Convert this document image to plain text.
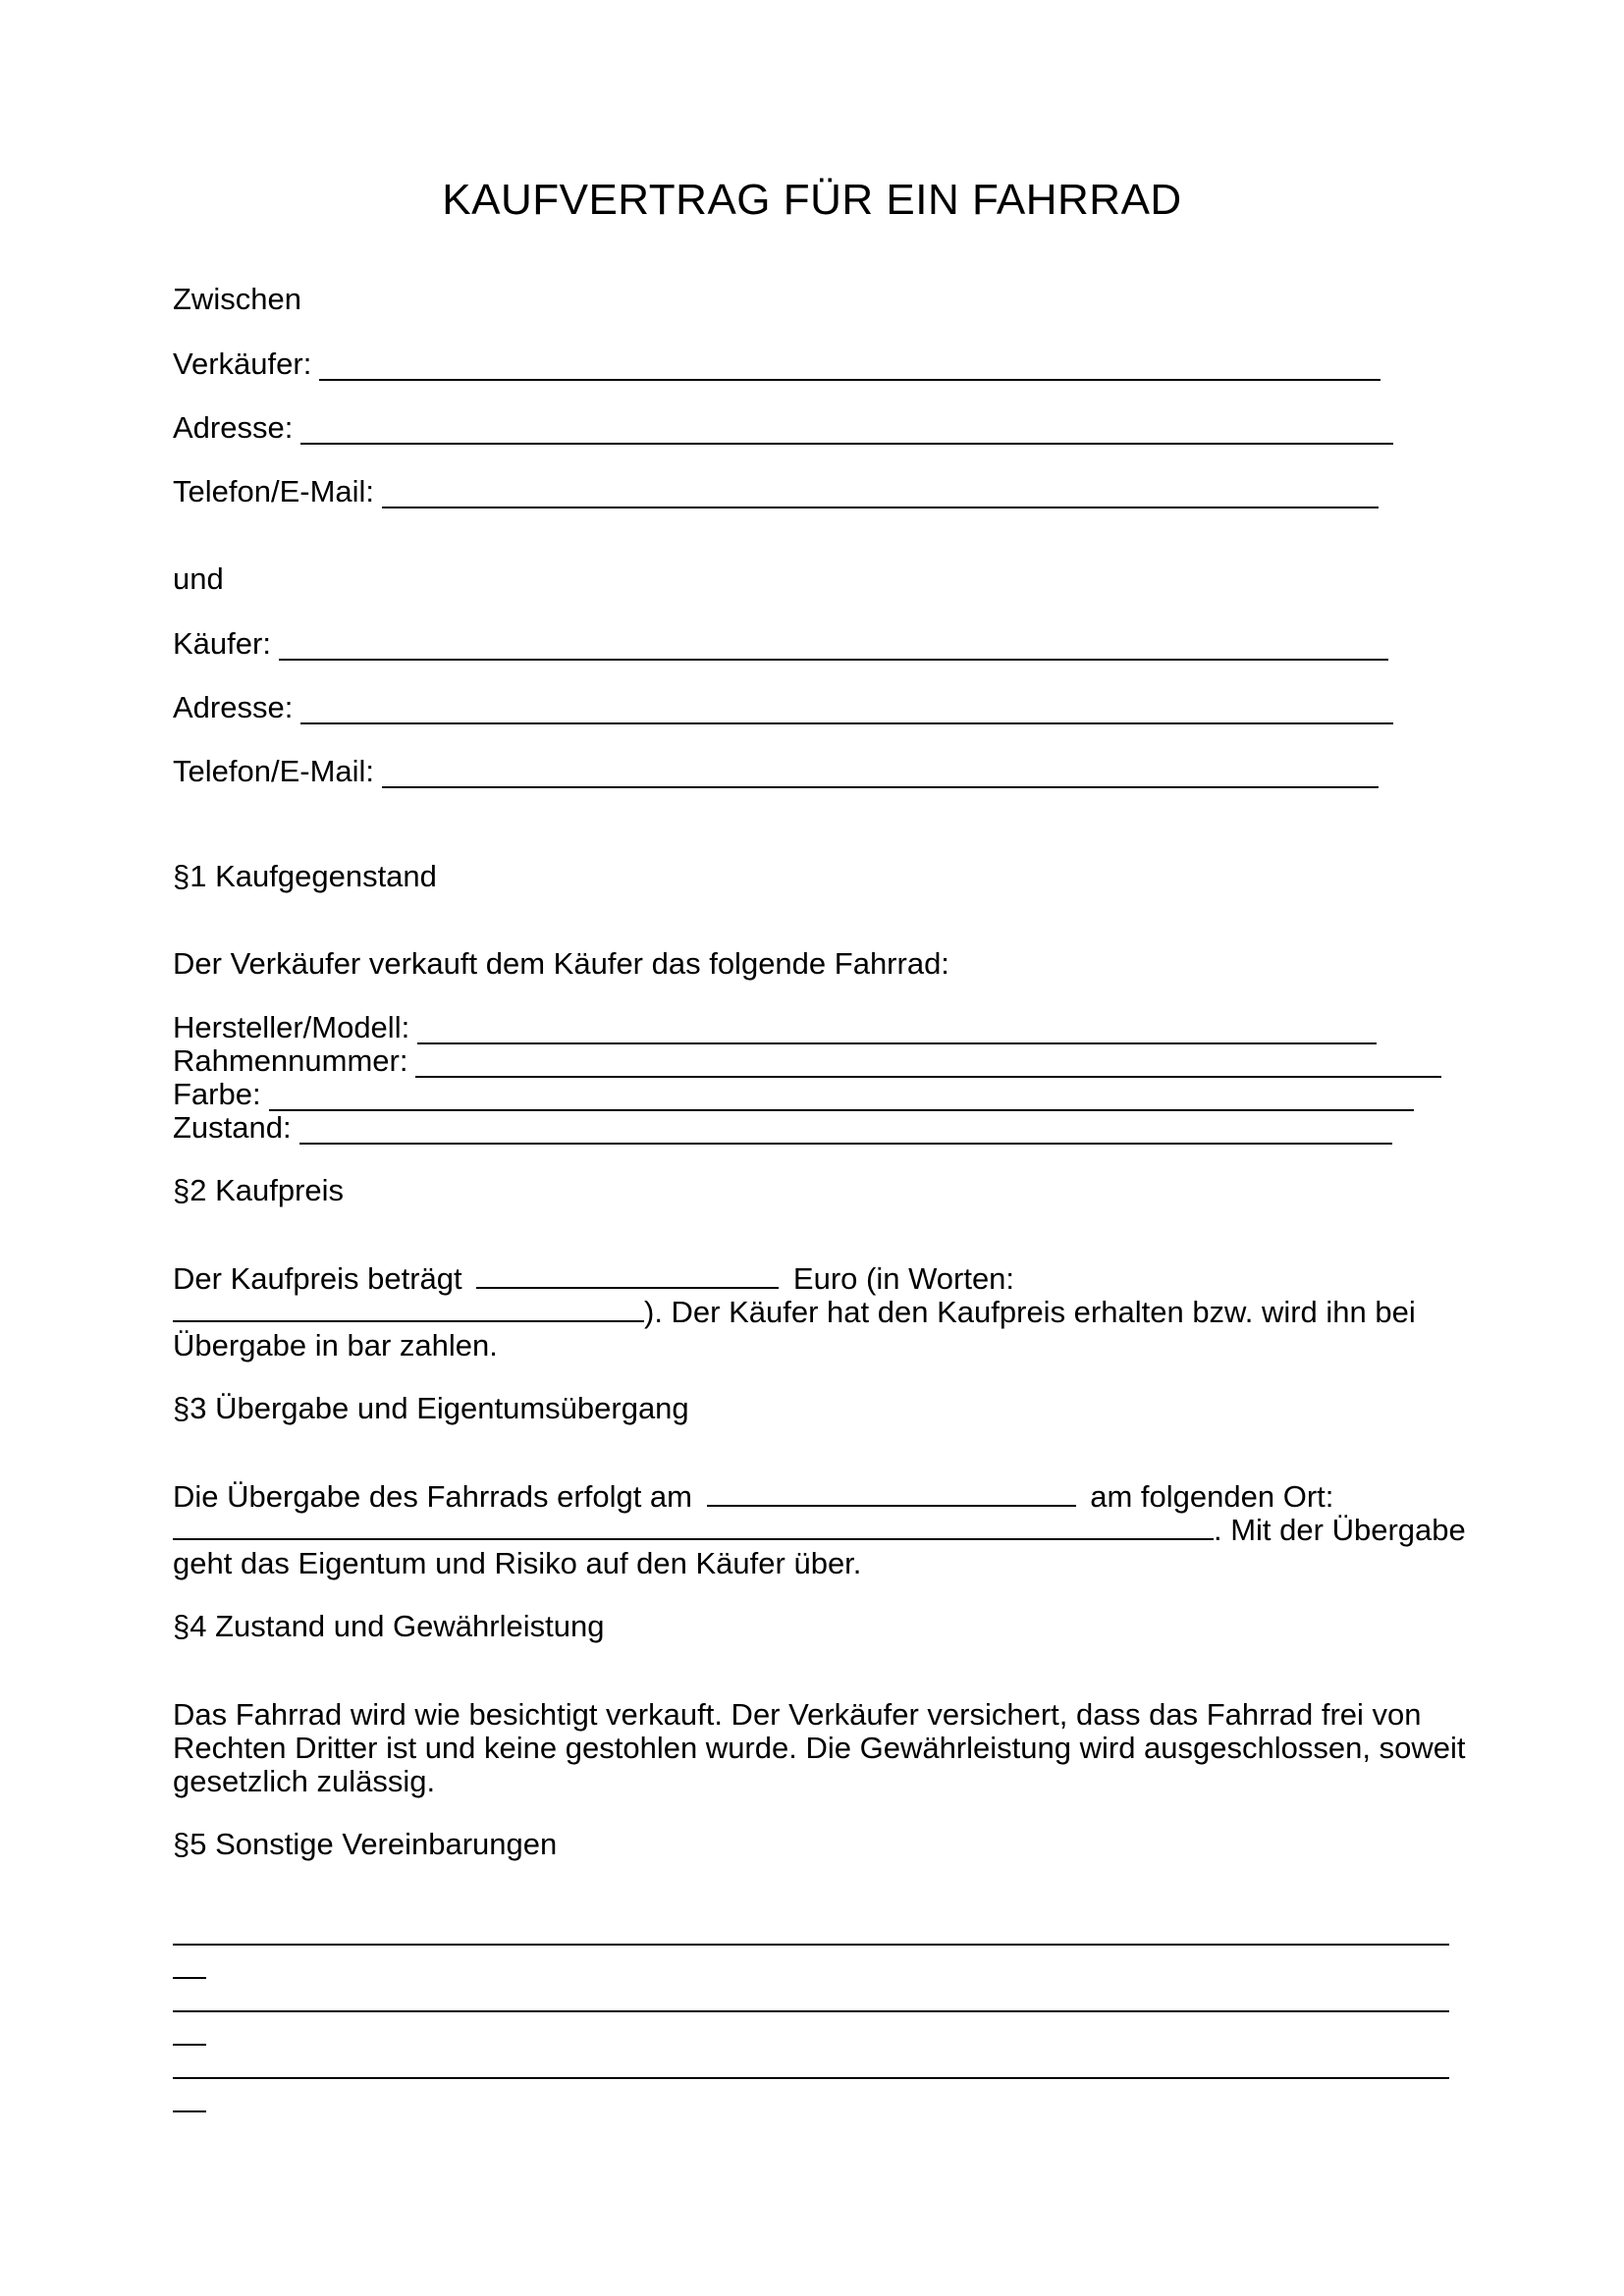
KAUFVERTRAG FÜR EIN FAHRRAD
Zwischen
Verkäufer:
Adresse:
Telefon/E-Mail:
und
Käufer:
Adresse:
Telefon/E-Mail:
§1 Kaufgegenstand
Der Verkäufer verkauft dem Käufer das folgende Fahrrad:
Hersteller/Modell:
Rahmennummer:
Farbe:
Zustand:
§2 Kaufpreis
Der Kaufpreis beträgt	Euro (in Worten:
). Der Käufer hat den Kaufpreis erhalten bzw. wird ihn bei
Übergabe in bar zahlen.
§3 Übergabe und Eigentumsübergang
Die Übergabe des Fahrrads erfolgt am	am folgenden Ort:
. Mit der Übergabe
geht das Eigentum und Risiko auf den Käufer über.
§4 Zustand und Gewährleistung
Das Fahrrad wird wie besichtigt verkauft. Der Verkäufer versichert, dass das Fahrrad frei von
Rechten Dritter ist und keine gestohlen wurde. Die Gewährleistung wird ausgeschlossen, soweit
gesetzlich zulässig.
§5 Sonstige Vereinbarungen
